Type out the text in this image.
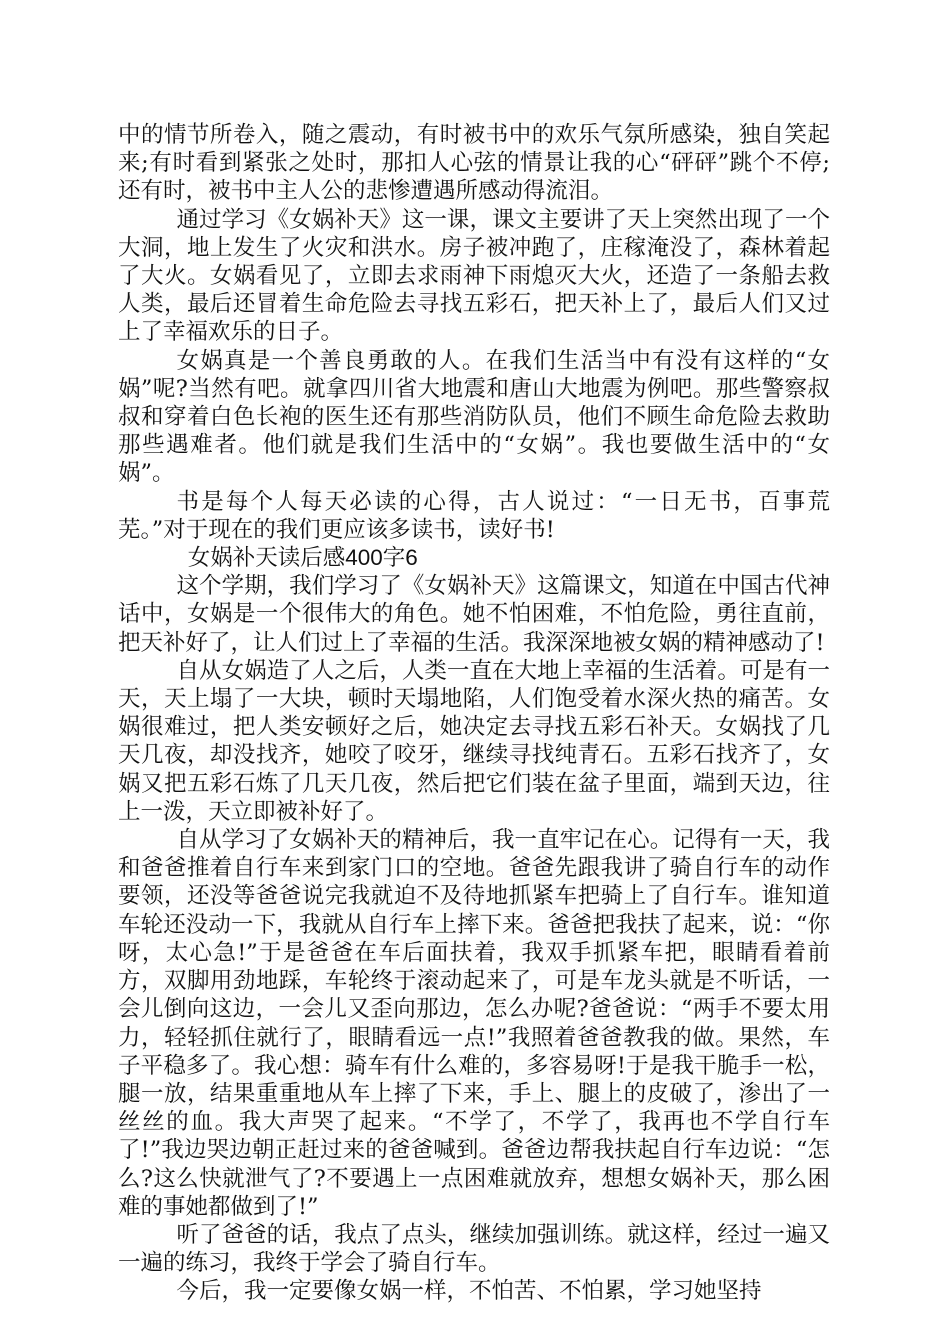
中的情节所卷入，随之震动，有时被书中的欢乐气氛所感染，独自笑起来;有时看到紧张之处时，那扣人心弦的情景让我的心“砰砰”跳个不停;还有时，被书中主人公的悲惨遭遇所感动得流泪。

通过学习《女娲补天》这一课，课文主要讲了天上突然出现了一个大洞，地上发生了火灾和洪水。房子被冲跑了，庄稼淹没了，森林着起了大火。女娲看见了，立即去求雨神下雨熄灭大火，还造了一条船去救人类，最后还冒着生命危险去寻找五彩石，把天补上了，最后人们又过上了幸福欢乐的日子。

女娲真是一个善良勇敢的人。在我们生活当中有没有这样的“女娲”呢?当然有吧。就拿四川省大地震和唐山大地震为例吧。那些警察叔叔和穿着白色长袍的医生还有那些消防队员，他们不顾生命危险去救助那些遇难者。他们就是我们生活中的“女娲”。我也要做生活中的“女娲”。

书是每个人每天必读的心得，古人说过：“一日无书，百事荒芜。”对于现在的我们更应该多读书，读好书!

女娲补天读后感400字6

这个学期，我们学习了《女娲补天》这篇课文，知道在中国古代神话中，女娲是一个很伟大的角色。她不怕困难，不怕危险，勇往直前，把天补好了，让人们过上了幸福的生活。我深深地被女娲的精神感动了!

自从女娲造了人之后，人类一直在大地上幸福的生活着。可是有一天，天上塌了一大块，顿时天塌地陷，人们饱受着水深火热的痛苦。女娲很难过，把人类安顿好之后，她决定去寻找五彩石补天。女娲找了几天几夜，却没找齐，她咬了咬牙，继续寻找纯青石。五彩石找齐了，女娲又把五彩石炼了几天几夜，然后把它们装在盆子里面，端到天边，往上一泼，天立即被补好了。

自从学习了女娲补天的精神后，我一直牢记在心。记得有一天，我和爸爸推着自行车来到家门口的空地。爸爸先跟我讲了骑自行车的动作要领，还没等爸爸说完我就迫不及待地抓紧车把骑上了自行车。谁知道车轮还没动一下，我就从自行车上摔下来。爸爸把我扶了起来，说：“你呀，太心急!”于是爸爸在车后面扶着，我双手抓紧车把，眼睛看着前方，双脚用劲地踩，车轮终于滚动起来了，可是车龙头就是不听话，一会儿倒向这边，一会儿又歪向那边，怎么办呢?爸爸说：“两手不要太用力，轻轻抓住就行了，眼睛看远一点!”我照着爸爸教我的做。果然，车子平稳多了。我心想：骑车有什么难的，多容易呀!于是我干脆手一松，腿一放，结果重重地从车上摔了下来，手上、腿上的皮破了，渗出了一丝丝的血。我大声哭了起来。“不学了，不学了，我再也不学自行车了!”我边哭边朝正赶过来的爸爸喊到。爸爸边帮我扶起自行车边说：“怎么?这么快就泄气了?不要遇上一点困难就放弃，想想女娲补天，那么困难的事她都做到了!”

听了爸爸的话，我点了点头，继续加强训练。就这样，经过一遍又一遍的练习，我终于学会了骑自行车。

今后，我一定要像女娲一样，不怕苦、不怕累，学习她坚持
